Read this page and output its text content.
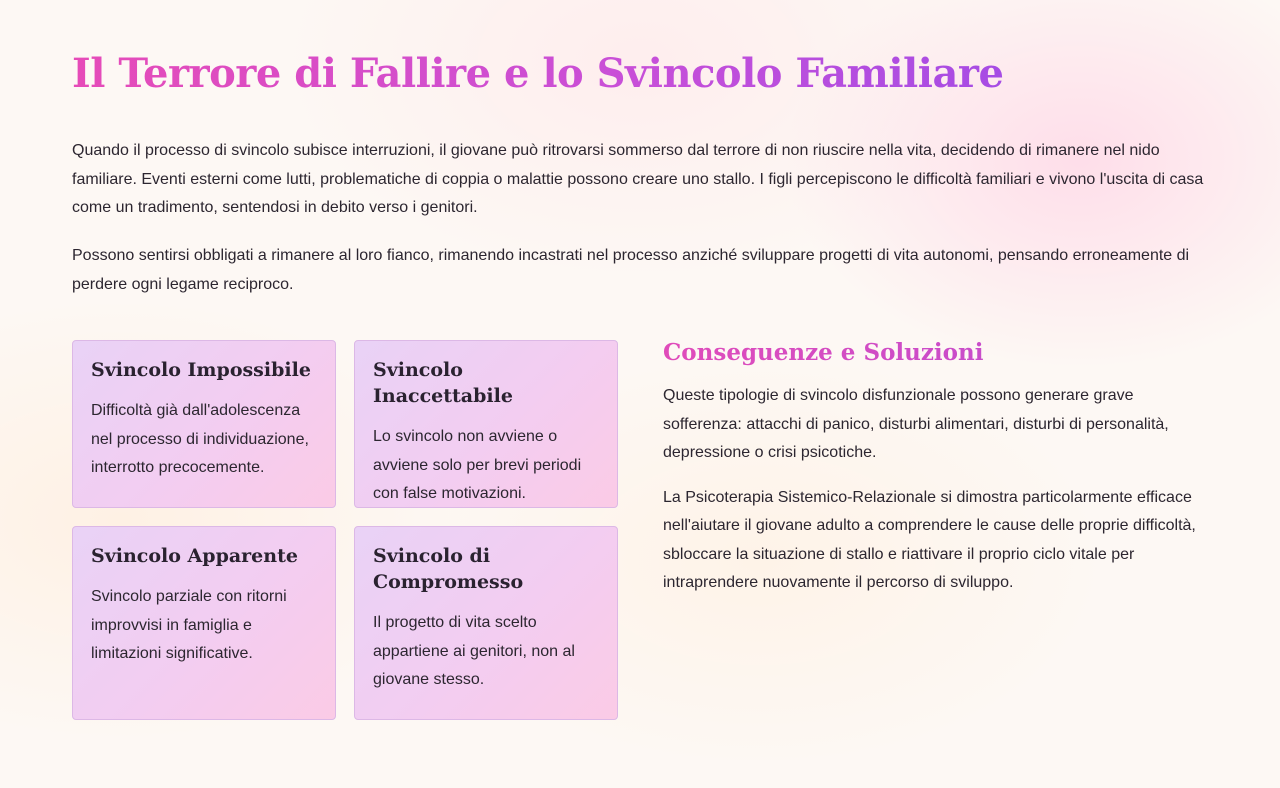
Il Terrore di Fallire e lo Svincolo Familiare

Quando il processo di svincolo subisce interruzioni, il giovane può ritrovarsi sommerso dal terrore di non riuscire nella vita, decidendo di rimanere nel nido familiare. Eventi esterni come lutti, problematiche di coppia o malattie possono creare uno stallo. I figli percepiscono le difficoltà familiari e vivono l'uscita di casa come un tradimento, sentendosi in debito verso i genitori.

Possono sentirsi obbligati a rimanere al loro fianco, rimanendo incastrati nel processo anziché sviluppare progetti di vita autonomi, pensando erroneamente di perdere ogni legame reciproco.

Svincolo Impossibile

Difficoltà già dall'adolescenza nel processo di individuazione, interrotto precocemente.

Svincolo Inaccettabile

Lo svincolo non avviene o avviene solo per brevi periodi con false motivazioni.

Svincolo Apparente

Svincolo parziale con ritorni improvvisi in famiglia e limitazioni significative.

Svincolo di Compromesso

Il progetto di vita scelto appartiene ai genitori, non al giovane stesso.

Conseguenze e Soluzioni

Queste tipologie di svincolo disfunzionale possono generare grave sofferenza: attacchi di panico, disturbi alimentari, disturbi di personalità, depressione o crisi psicotiche.

La Psicoterapia Sistemico-Relazionale si dimostra particolarmente efficace nell'aiutare il giovane adulto a comprendere le cause delle proprie difficoltà, sbloccare la situazione di stallo e riattivare il proprio ciclo vitale per intraprendere nuovamente il percorso di sviluppo.
